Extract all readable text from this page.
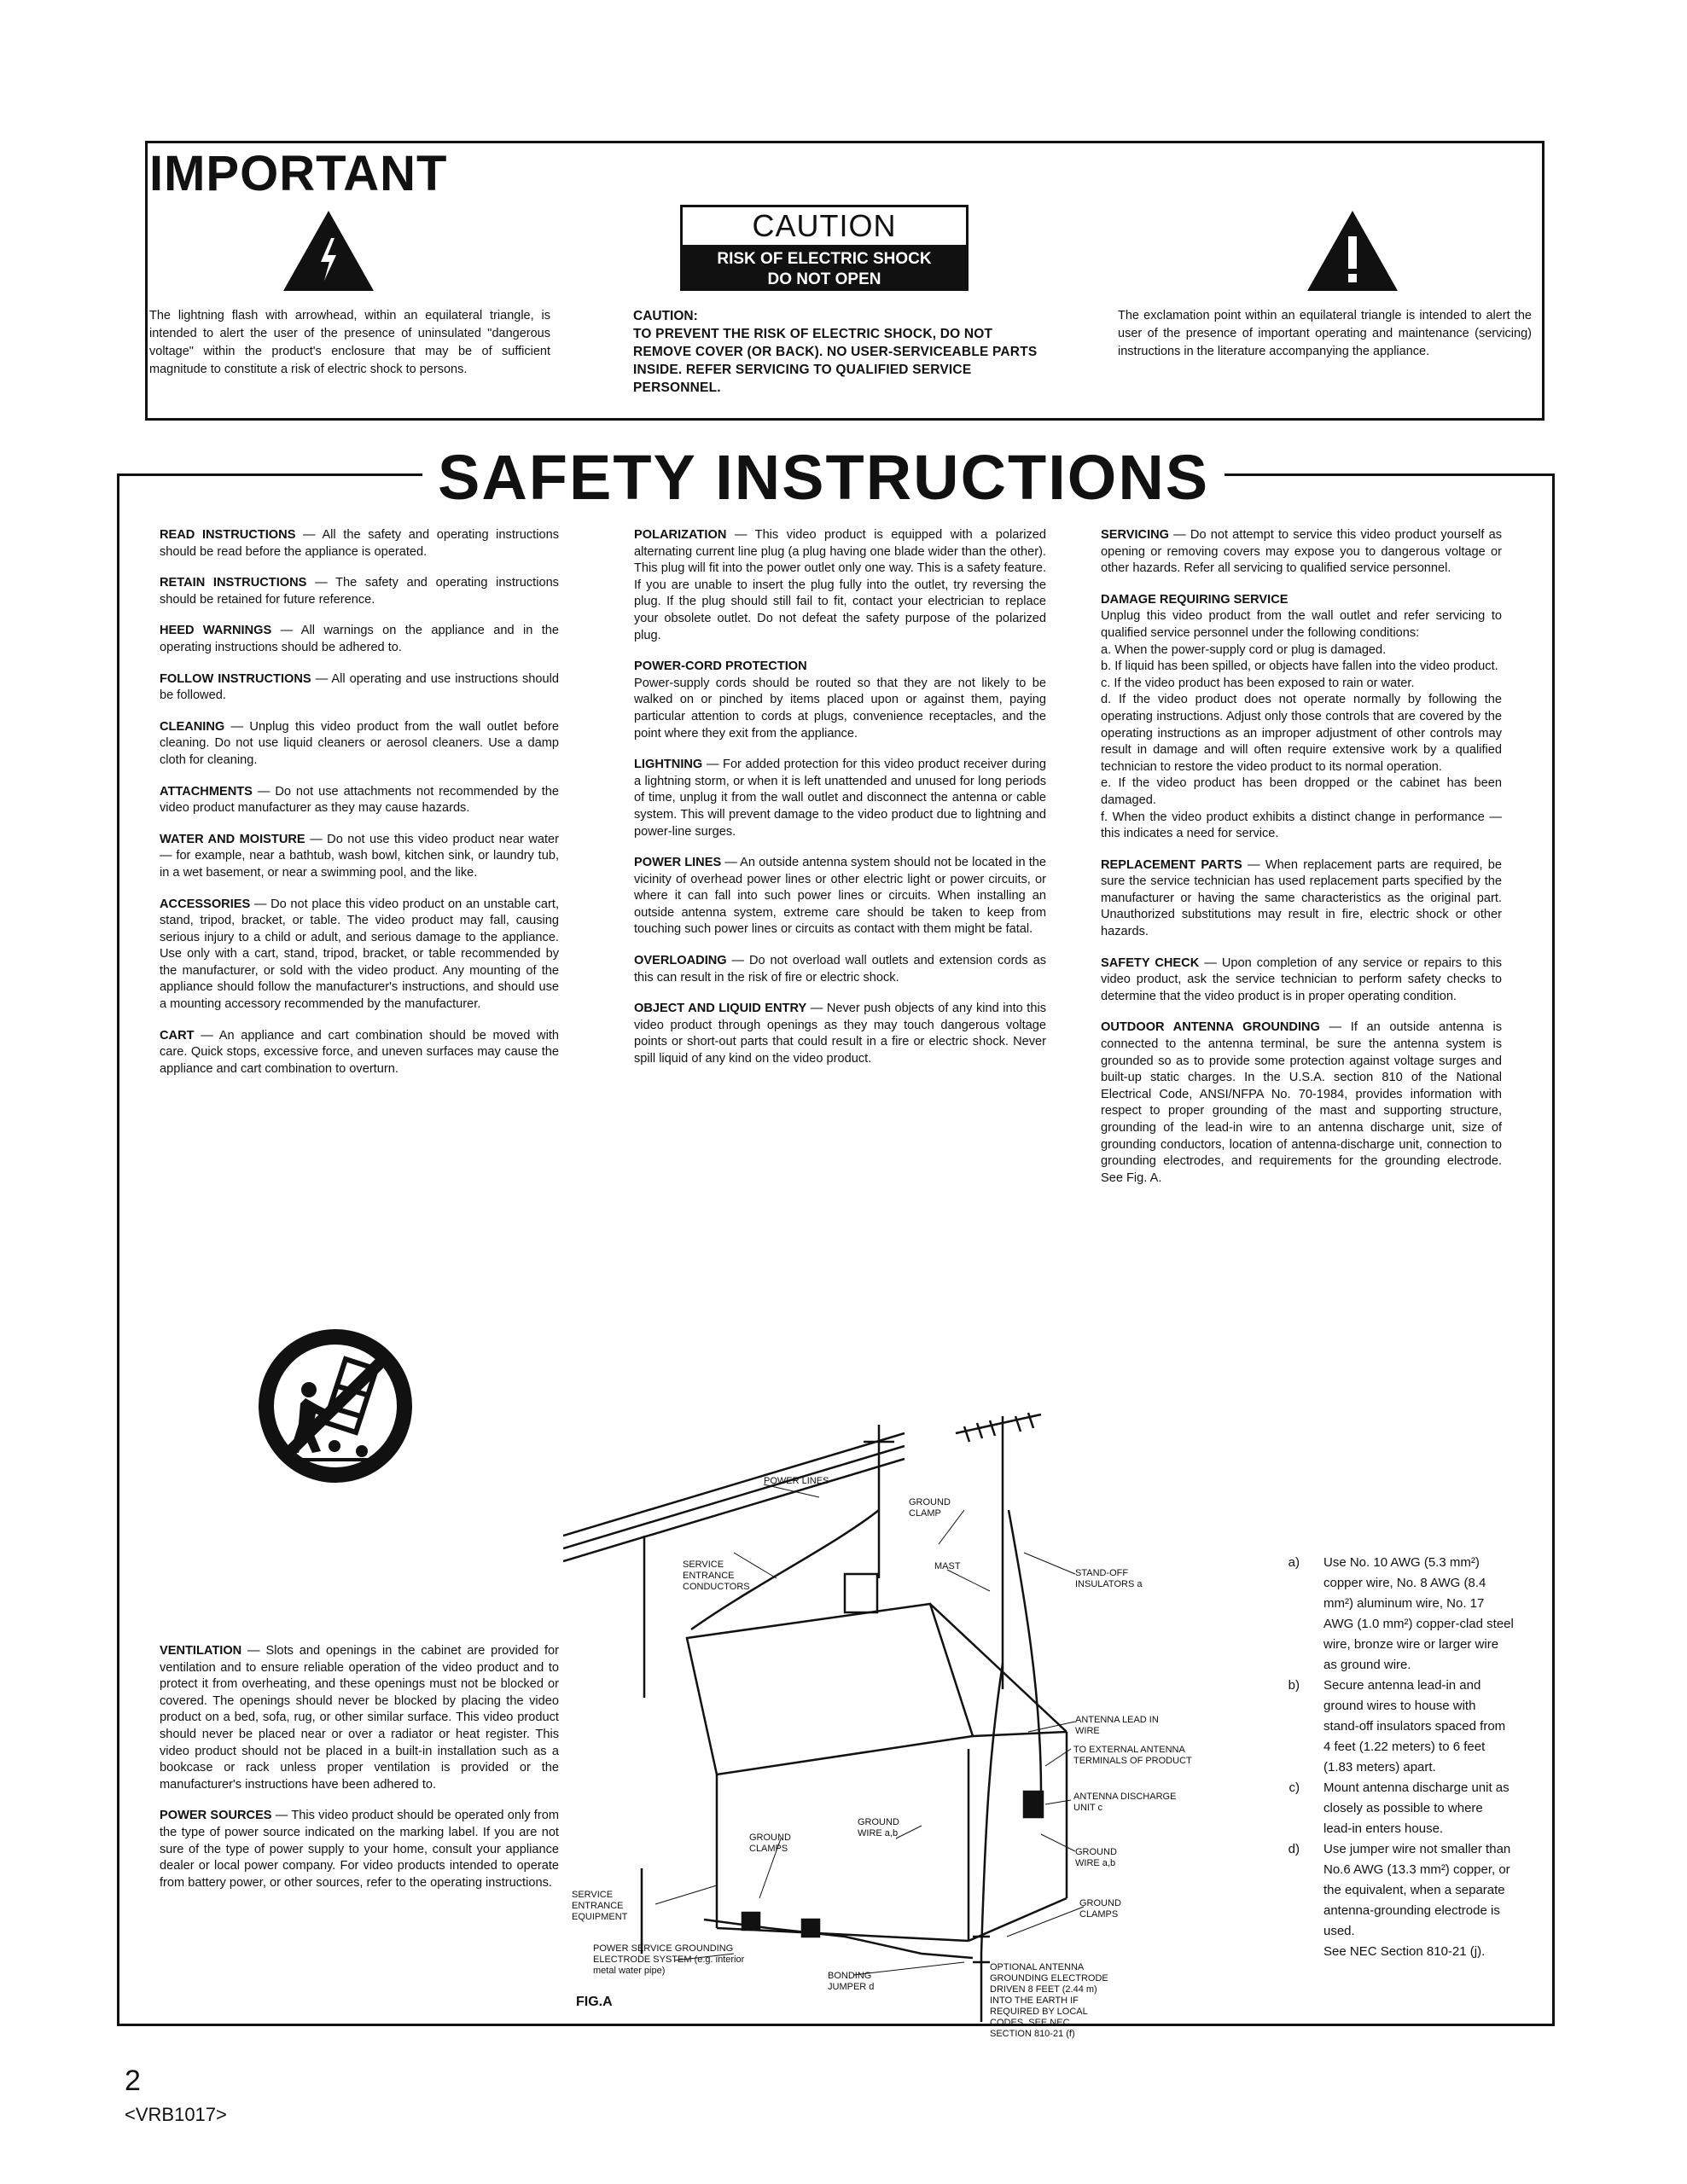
IMPORTANT
The lightning flash with arrowhead, within an equilateral triangle, is intended to alert the user of the presence of uninsulated "dangerous voltage" within the product's enclosure that may be of sufficient magnitude to constitute a risk of electric shock to persons.
CAUTION
RISK OF ELECTRIC SHOCK
DO NOT OPEN
CAUTION:
TO PREVENT THE RISK OF ELECTRIC SHOCK, DO NOT REMOVE COVER (OR BACK). NO USER-SERVICEABLE PARTS INSIDE. REFER SERVICING TO QUALIFIED SERVICE PERSONNEL.
The exclamation point within an equilateral triangle is intended to alert the user of the presence of important operating and maintenance (servicing) instructions in the literature accompanying the appliance.
SAFETY INSTRUCTIONS
READ INSTRUCTIONS — All the safety and operating instructions should be read before the appliance is operated.
RETAIN INSTRUCTIONS — The safety and operating instructions should be retained for future reference.
HEED WARNINGS — All warnings on the appliance and in the operating instructions should be adhered to.
FOLLOW INSTRUCTIONS — All operating and use instructions should be followed.
CLEANING — Unplug this video product from the wall outlet before cleaning. Do not use liquid cleaners or aerosol cleaners. Use a damp cloth for cleaning.
ATTACHMENTS — Do not use attachments not recommended by the video product manufacturer as they may cause hazards.
WATER AND MOISTURE — Do not use this video product near water — for example, near a bathtub, wash bowl, kitchen sink, or laundry tub, in a wet basement, or near a swimming pool, and the like.
ACCESSORIES — Do not place this video product on an unstable cart, stand, tripod, bracket, or table. The video product may fall, causing serious injury to a child or adult, and serious damage to the appliance. Use only with a cart, stand, tripod, bracket, or table recommended by the manufacturer, or sold with the video product. Any mounting of the appliance should follow the manufacturer's instructions, and should use a mounting accessory recommended by the manufacturer.
CART — An appliance and cart combination should be moved with care. Quick stops, excessive force, and uneven surfaces may cause the appliance and cart combination to overturn.
VENTILATION — Slots and openings in the cabinet are provided for ventilation and to ensure reliable operation of the video product and to protect it from overheating, and these openings must not be blocked or covered. The openings should never be blocked by placing the video product on a bed, sofa, rug, or other similar surface. This video product should never be placed near or over a radiator or heat register. This video product should not be placed in a built-in installation such as a bookcase or rack unless proper ventilation is provided or the manufacturer's instructions have been adhered to.
POWER SOURCES — This video product should be operated only from the type of power source indicated on the marking label. If you are not sure of the type of power supply to your home, consult your appliance dealer or local power company. For video products intended to operate from battery power, or other sources, refer to the operating instructions.
POLARIZATION — This video product is equipped with a polarized alternating current line plug (a plug having one blade wider than the other). This plug will fit into the power outlet only one way. This is a safety feature. If you are unable to insert the plug fully into the outlet, try reversing the plug. If the plug should still fail to fit, contact your electrician to replace your obsolete outlet. Do not defeat the safety purpose of the polarized plug.
POWER-CORD PROTECTION
Power-supply cords should be routed so that they are not likely to be walked on or pinched by items placed upon or against them, paying particular attention to cords at plugs, convenience receptacles, and the point where they exit from the appliance.
LIGHTNING — For added protection for this video product receiver during a lightning storm, or when it is left unattended and unused for long periods of time, unplug it from the wall outlet and disconnect the antenna or cable system. This will prevent damage to the video product due to lightning and power-line surges.
POWER LINES — An outside antenna system should not be located in the vicinity of overhead power lines or other electric light or power circuits, or where it can fall into such power lines or circuits. When installing an outside antenna system, extreme care should be taken to keep from touching such power lines or circuits as contact with them might be fatal.
OVERLOADING — Do not overload wall outlets and extension cords as this can result in the risk of fire or electric shock.
OBJECT AND LIQUID ENTRY — Never push objects of any kind into this video product through openings as they may touch dangerous voltage points or short-out parts that could result in a fire or electric shock. Never spill liquid of any kind on the video product.
SERVICING — Do not attempt to service this video product yourself as opening or removing covers may expose you to dangerous voltage or other hazards. Refer all servicing to qualified service personnel.
DAMAGE REQUIRING SERVICE
Unplug this video product from the wall outlet and refer servicing to qualified service personnel under the following conditions:
a. When the power-supply cord or plug is damaged.
b. If liquid has been spilled, or objects have fallen into the video product.
c. If the video product has been exposed to rain or water.
d. If the video product does not operate normally by following the operating instructions. Adjust only those controls that are covered by the operating instructions as an improper adjustment of other controls may result in damage and will often require extensive work by a qualified technician to restore the video product to its normal operation.
e. If the video product has been dropped or the cabinet has been damaged.
f. When the video product exhibits a distinct change in performance — this indicates a need for service.
REPLACEMENT PARTS — When replacement parts are required, be sure the service technician has used replacement parts specified by the manufacturer or having the same characteristics as the original part. Unauthorized substitutions may result in fire, electric shock or other hazards.
SAFETY CHECK — Upon completion of any service or repairs to this video product, ask the service technician to perform safety checks to determine that the video product is in proper operating condition.
OUTDOOR ANTENNA GROUNDING — If an outside antenna is connected to the antenna terminal, be sure the antenna system is grounded so as to provide some protection against voltage surges and built-up static charges. In the U.S.A. section 810 of the National Electrical Code, ANSI/NFPA No. 70-1984, provides information with respect to proper grounding of the mast and supporting structure, grounding of the lead-in wire to an antenna discharge unit, size of grounding conductors, location of antenna-discharge unit, connection to grounding electrodes, and requirements for the grounding electrode. See Fig. A.
a)	Use No. 10 AWG (5.3 mm²) copper wire, No. 8 AWG (8.4 mm²) aluminum wire, No. 17 AWG (1.0 mm²) copper-clad steel wire, bronze wire or larger wire as ground wire.
b)	Secure antenna lead-in and ground wires to house with stand-off insulators spaced from 4 feet (1.22 meters) to 6 feet (1.83 meters) apart.
c)	Mount antenna discharge unit as closely as possible to where lead-in enters house.
d)	Use jumper wire not smaller than No.6 AWG (13.3 mm²) copper, or the equivalent, when a separate antenna-grounding electrode is used.
See NEC Section 810-21 (j).
POWER LINES
GROUND CLAMP
SERVICE ENTRANCE CONDUCTORS
MAST
STAND-OFF INSULATORS a
ANTENNA LEAD IN WIRE
TO EXTERNAL ANTENNA TERMINALS OF PRODUCT
ANTENNA DISCHARGE UNIT c
GROUND WIRE a,b
GROUND CLAMPS	GROUND WIRE a,b
SERVICE ENTRANCE EQUIPMENT
GROUND CLAMPS
POWER SERVICE GROUNDING ELECTRODE SYSTEM (e.g. interior metal water pipe)	BONDING JUMPER d
OPTIONAL ANTENNA GROUNDING ELECTRODE DRIVEN 8 FEET (2.44 m) INTO THE EARTH IF REQUIRED BY LOCAL CODES. SEE NEC SECTION 810-21 (f)
FIG.A
2
<VRB1017>
